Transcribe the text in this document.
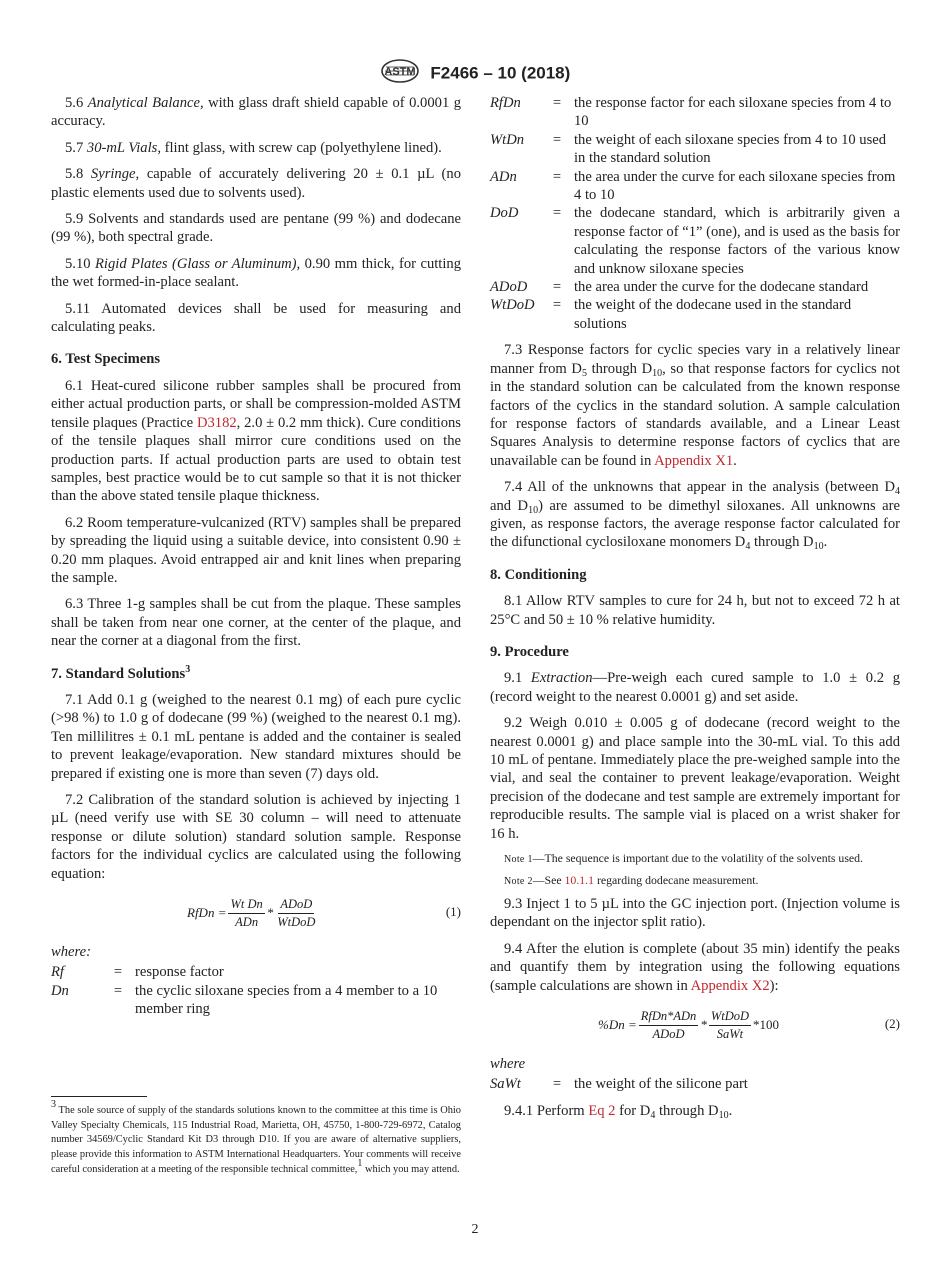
ASTM F2466 – 10 (2018)

5.6 Analytical Balance, with glass draft shield capable of 0.0001 g accuracy.

5.7 30-mL Vials, flint glass, with screw cap (polyethylene lined).

5.8 Syringe, capable of accurately delivering 20 ± 0.1 µL (no plastic elements used due to solvents used).

5.9 Solvents and standards used are pentane (99 %) and dodecane (99 %), both spectral grade.

5.10 Rigid Plates (Glass or Aluminum), 0.90 mm thick, for cutting the wet formed-in-place sealant.

5.11 Automated devices shall be used for measuring and calculating peaks.

6. Test Specimens

6.1 Heat-cured silicone rubber samples shall be procured from either actual production parts, or shall be compression-molded ASTM tensile plaques (Practice D3182, 2.0 ± 0.2 mm thick). Cure conditions of the tensile plaques shall mirror cure conditions used on the production parts. If actual production parts are used to obtain test samples, best practice would be to cut sample so that it is not thicker than the above stated tensile plaque thickness.

6.2 Room temperature-vulcanized (RTV) samples shall be prepared by spreading the liquid using a suitable device, into consistent 0.90 ± 0.20 mm plaques. Avoid entrapped air and knit lines when preparing the sample.

6.3 Three 1-g samples shall be cut from the plaque. These samples shall be taken from near one corner, at the center of the plaque, and near the corner at a diagonal from the first.

7. Standard Solutions$^3$

7.1 Add 0.1 g (weighed to the nearest 0.1 mg) of each pure cyclic (>98 %) to 1.0 g of dodecane (99 %) (weighed to the nearest 0.1 mg). Ten millilitres ± 0.1 mL pentane is added and the container is sealed to prevent leakage/evaporation. New standard mixtures should be prepared if existing one is more than seven (7) days old.

7.2 Calibration of the standard solution is achieved by injecting 1 µL (need verify use with SE 30 column – will need to attenuate response or dilute solution) standard solution sample. Response factors for the individual cyclics are calculated using the following equation:

RfDn = $\frac{\text{Wt Dn}}{\text{ADn}} * \frac{\text{ADoD}}{\text{WtDoD}}$	(1)

where:

Rf	=	response factor
Dn	=	the cyclic siloxane species from a 4 member to a 10 member ring
$^3$ The sole source of supply of the standards solutions known to the committee at this time is Ohio Valley Specialty Chemicals, 115 Industrial Road, Marietta, OH, 45750, 1-800-729-6972, Catalog number 34569/Cyclic Standard Kit D3 through D10. If you are aware of alternative suppliers, please provide this information to ASTM International Headquarters. Your comments will receive careful consideration at a meeting of the responsible technical committee,$^1$ which you may attend.
RfDn	=	the response factor for each siloxane species from 4 to 10
WtDn	=	the weight of each siloxane species from 4 to 10 used in the standard solution
ADn	=	the area under the curve for each siloxane species from 4 to 10
DoD	=	the dodecane standard, which is arbitrarily given a response factor of “1” (one), and is used as the basis for calculating the response factors of the various know and unknow siloxane species
ADoD	=	the area under the curve for the dodecane standard
WtDoD	=	the weight of the dodecane used in the standard solutions

7.3 Response factors for cyclic species vary in a relatively linear manner from $D_5$ through $D_{10}$, so that response factors for cyclics not in the standard solution can be calculated from the known response factors of the cyclics in the standard solution. A sample calculation for response factors of standards available, and a Linear Least Squares Analysis to determine response factors of cyclics that are unavailable can be found in Appendix X1.

7.4 All of the unknowns that appear in the analysis (between $D_4$ and $D_{10}$) are assumed to be dimethyl siloxanes. All unknowns are given, as response factors, the average response factor calculated for the difunctional cyclosiloxane monomers $D_4$ through $D_{10}$.

8. Conditioning

8.1 Allow RTV samples to cure for 24 h, but not to exceed 72 h at 25°C and 50 ± 10 % relative humidity.

9. Procedure

9.1 Extraction—Pre-weigh each cured sample to 1.0 ± 0.2 g (record weight to the nearest 0.0001 g) and set aside.

9.2 Weigh 0.010 ± 0.005 g of dodecane (record weight to the nearest 0.0001 g) and place sample into the 30-mL vial. To this add 10 mL of pentane. Immediately place the pre-weighed sample into the vial, and seal the container to prevent leakage/evaporation. Weight precision of the dodecane and test sample are extremely important for reproducible results. The sample vial is placed on a wrist shaker for 16 h.

Note 1—The sequence is important due to the volatility of the solvents used.

Note 2—See 10.1.1 regarding dodecane measurement.

9.3 Inject 1 to 5 µL into the GC injection port. (Injection volume is dependant on the injector split ratio).

9.4 After the elution is complete (about 35 min) identify the peaks and quantify them by integration using the following equations (sample calculations are shown in Appendix X2):

$\%Dn = \frac{\text{RfDn*ADn}}{\text{ADoD}} * \frac{\text{WtDoD}}{\text{SaWt}} *100$	(2)

where

SaWt	=	the weight of the silicone part

9.4.1 Perform Eq 2 for $D_4$ through $D_{10}$.

2
